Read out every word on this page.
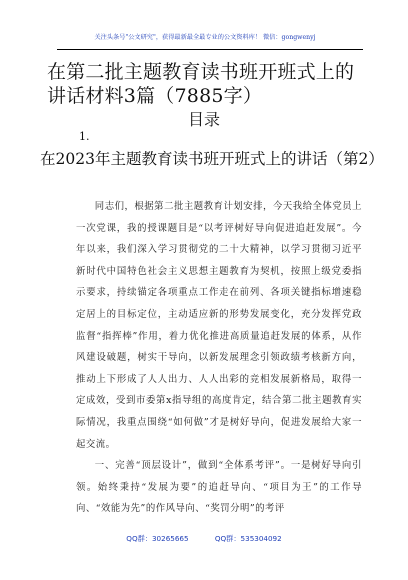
关注头条号"公文研究"，获得最新最全最专业的公文资料库！ 微信：gongwenyj
在第二批主题教育读书班开班式上的讲话材料3篇（7885字）
目录
1.
在2023年主题教育读书班开班式上的讲话（第2）

同志们，根据第二批主题教育计划安排，今天我给全体党员上一次党课，我的授课题目是“以考评树好导向促进追赶发展”。今年以来，我们深入学习贯彻党的二十大精神，以学习贯彻习近平新时代中国特色社会主义思想主题教育为契机，按照上级党委指示要求，持续锚定各项重点工作走在前列、各项关键指标增速稳定居上的目标定位，主动适应新的形势发展变化，充分发挥党政监督“指挥棒”作用，着力优化推进高质量追赶发展的体系，从作风建设破题，树实干导向，以新发展理念引领政绩考核新方向，推动上下形成了人人出力、人人出彩的竞相发展新格局，取得一定成效，受到市委第x指导组的高度肯定，结合第二批主题教育实际情况，我重点围绕“如何做”才是树好导向，促进发展给大家一起交流。

一、完善“顶层设计”，做到“全体系考评”。一是树好导向引领。始终秉持“发展为要”的追赶导向、“项目为王”的工作导向、“效能为先”的作风导向、“奖罚分明”的考评

QQ群：30265665	QQ群：535304092
